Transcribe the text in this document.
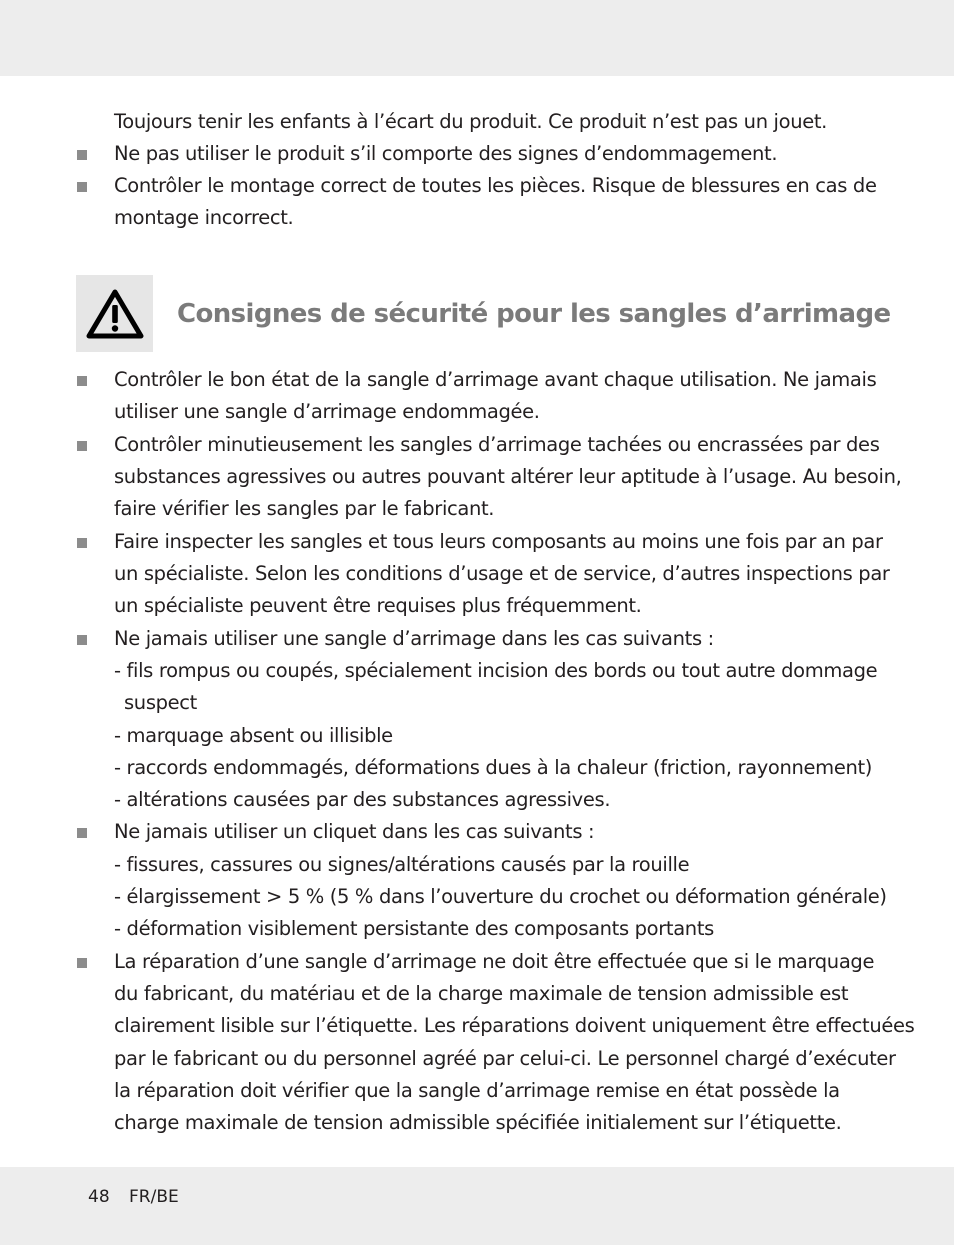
Toujours tenir les enfants à l’écart du produit. Ce produit n’est pas un jouet.
Ne pas utiliser le produit s’il comporte des signes d’endommagement.
Contrôler le montage correct de toutes les pièces. Risque de blessures en cas de
montage incorrect.
Consignes de sécurité pour les sangles d’arrimage
Contrôler le bon état de la sangle d’arrimage avant chaque utilisation. Ne jamais
utiliser une sangle d’arrimage endommagée.
Contrôler minutieusement les sangles d’arrimage tachées ou encrassées par des
substances agressives ou autres pouvant altérer leur aptitude à l’usage. Au besoin,
faire vérifier les sangles par le fabricant.
Faire inspecter les sangles et tous leurs composants au moins une fois par an par
un spécialiste. Selon les conditions d’usage et de service, d’autres inspections par
un spécialiste peuvent être requises plus fréquemment.
Ne jamais utiliser une sangle d’arrimage dans les cas suivants :
- fils rompus ou coupés, spécialement incision des bords ou tout autre dommage
suspect
- marquage absent ou illisible
- raccords endommagés, déformations dues à la chaleur (friction, rayonnement)
- altérations causées par des substances agressives.
Ne jamais utiliser un cliquet dans les cas suivants :
- fissures, cassures ou signes/altérations causés par la rouille
- élargissement > 5 % (5 % dans l’ouverture du crochet ou déformation générale)
- déformation visiblement persistante des composants portants
La réparation d’une sangle d’arrimage ne doit être effectuée que si le marquage
du fabricant, du matériau et de la charge maximale de tension admissible est
clairement lisible sur l’étiquette. Les réparations doivent uniquement être effectuées
par le fabricant ou du personnel agréé par celui-ci. Le personnel chargé d’exécuter
la réparation doit vérifier que la sangle d’arrimage remise en état possède la
charge maximale de tension admissible spécifiée initialement sur l’étiquette.
48 FR/BE
